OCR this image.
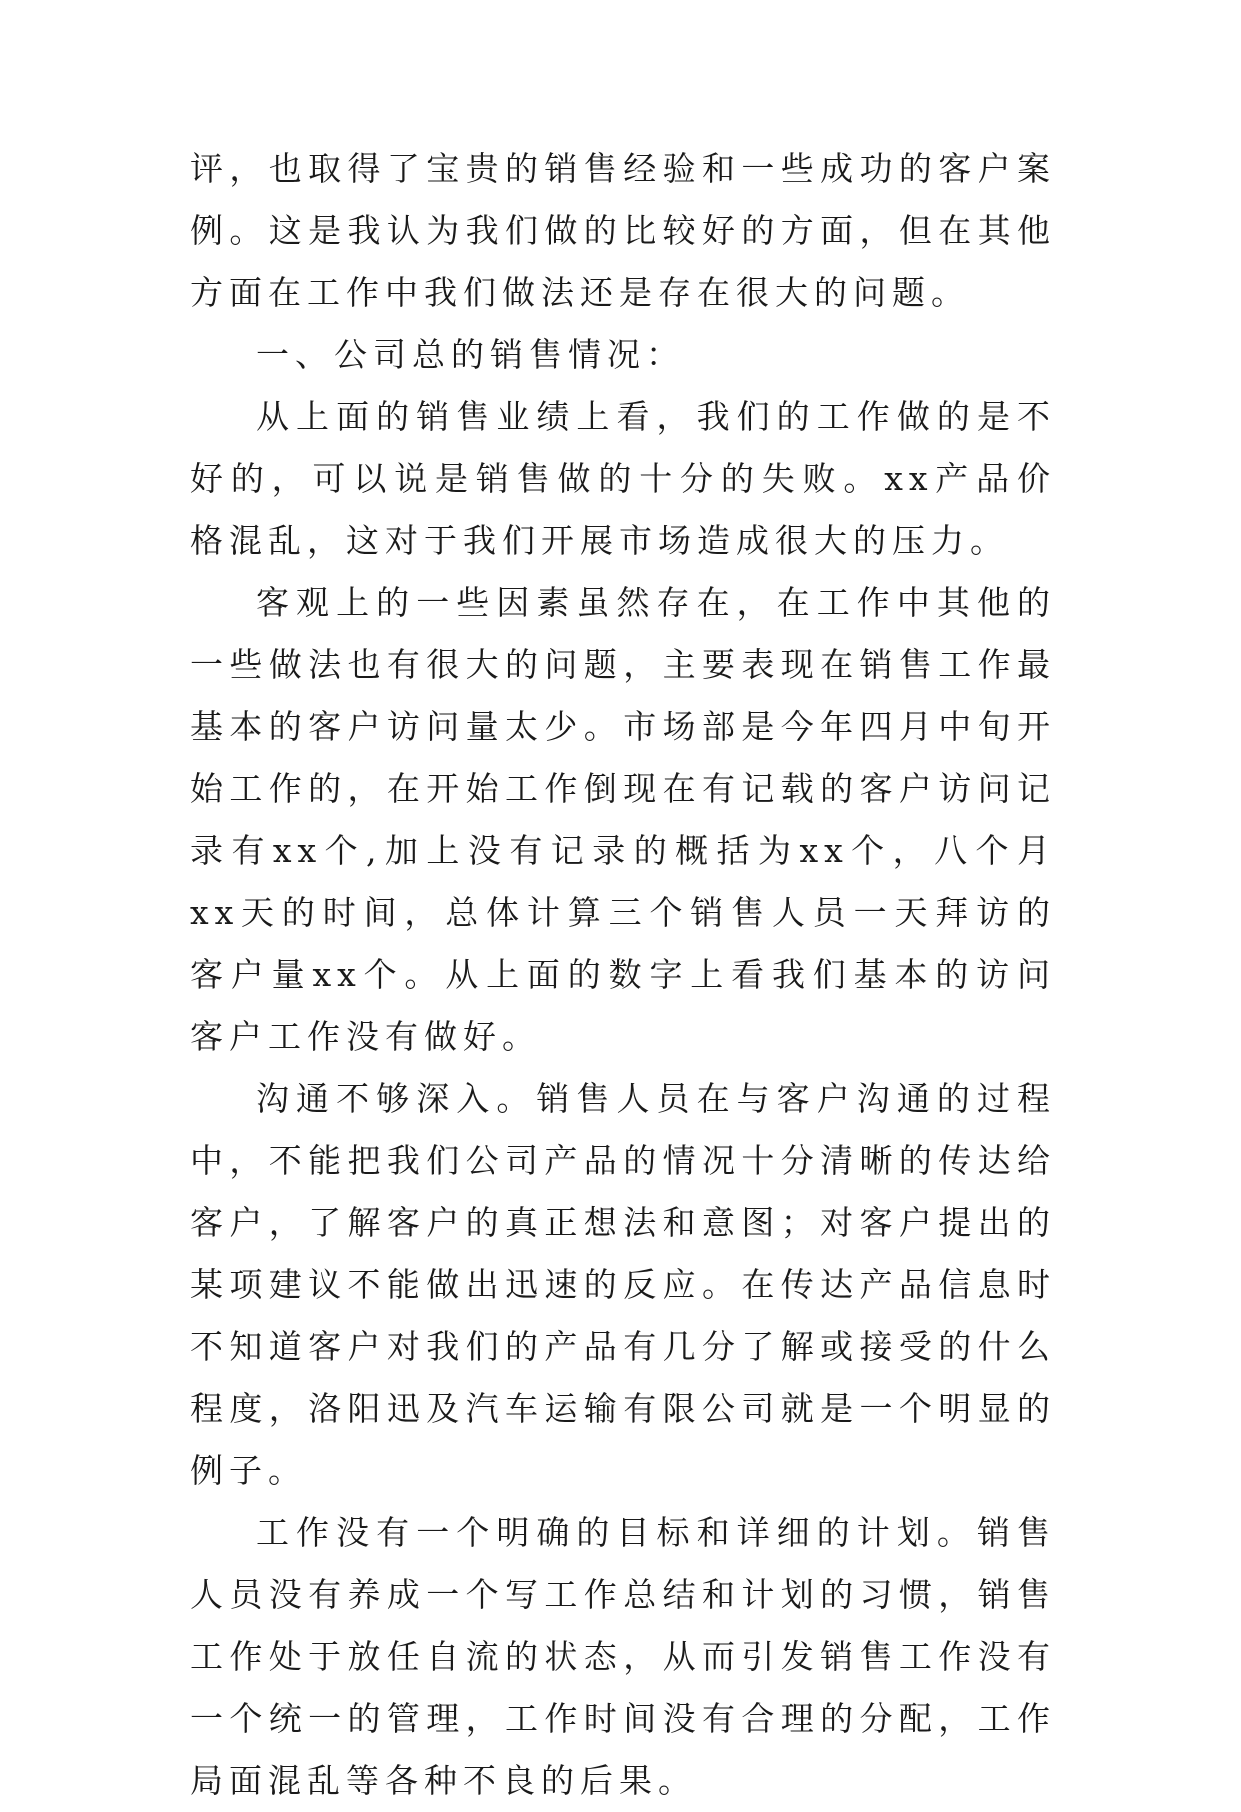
评，也取得了宝贵的销售经验和一些成功的客户案例。这是我认为我们做的比较好的方面，但在其他方面在工作中我们做法还是存在很大的问题。

一、公司总的销售情况：

从上面的销售业绩上看，我们的工作做的是不好的，可以说是销售做的十分的失败。xx产品价格混乱，这对于我们开展市场造成很大的压力。

客观上的一些因素虽然存在，在工作中其他的一些做法也有很大的问题，主要表现在销售工作最基本的客户访问量太少。市场部是今年四月中旬开始工作的，在开始工作倒现在有记载的客户访问记录有xx个,加上没有记录的概括为xx个，八个月xx天的时间，总体计算三个销售人员一天拜访的客户量xx个。从上面的数字上看我们基本的访问客户工作没有做好。

沟通不够深入。销售人员在与客户沟通的过程中，不能把我们公司产品的情况十分清晰的传达给客户，了解客户的真正想法和意图；对客户提出的某项建议不能做出迅速的反应。在传达产品信息时不知道客户对我们的产品有几分了解或接受的什么程度，洛阳迅及汽车运输有限公司就是一个明显的例子。

工作没有一个明确的目标和详细的计划。销售人员没有养成一个写工作总结和计划的习惯，销售工作处于放任自流的状态，从而引发销售工作没有一个统一的管理，工作时间没有合理的分配，工作局面混乱等各种不良的后果。
